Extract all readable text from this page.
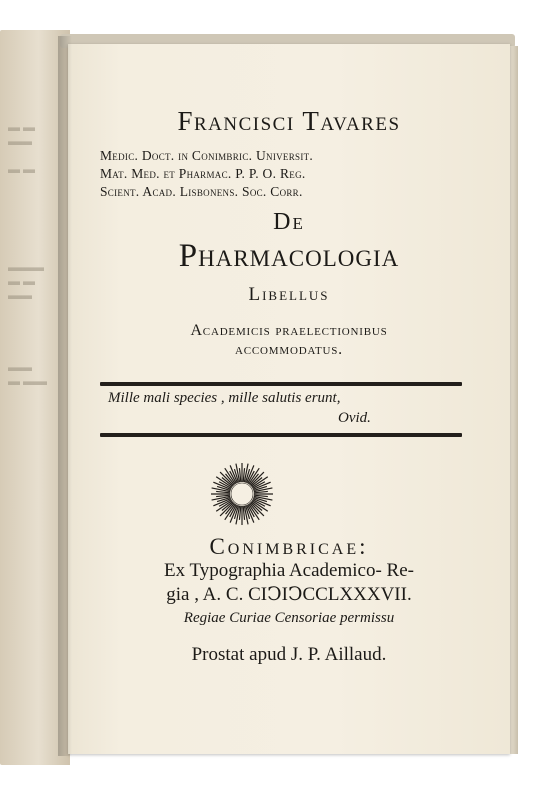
▬ ▬
▬▬

▬ ▬
▬▬▬
▬ ▬
▬▬
▬▬
▬ ▬▬
Francisci Tavares
Medic. Doct. in Conimbric. Universit.
Mat. Med. et Pharmac. P. P. O. Reg.
Scient. Acad. Lisbonens. Soc. Corr.
De
Pharmacologia
Libellus
Academicis praelectionibus
accommodatus.
Mille mali species , mille salutis erunt,
Ovid.
Conimbricae:
Ex Typographia Academico- Re-
gia , A. C. CIↃIↃCCLXXXVII.
Regiae Curiae Censoriae permissu
Prostat apud J. P. Aillaud.
